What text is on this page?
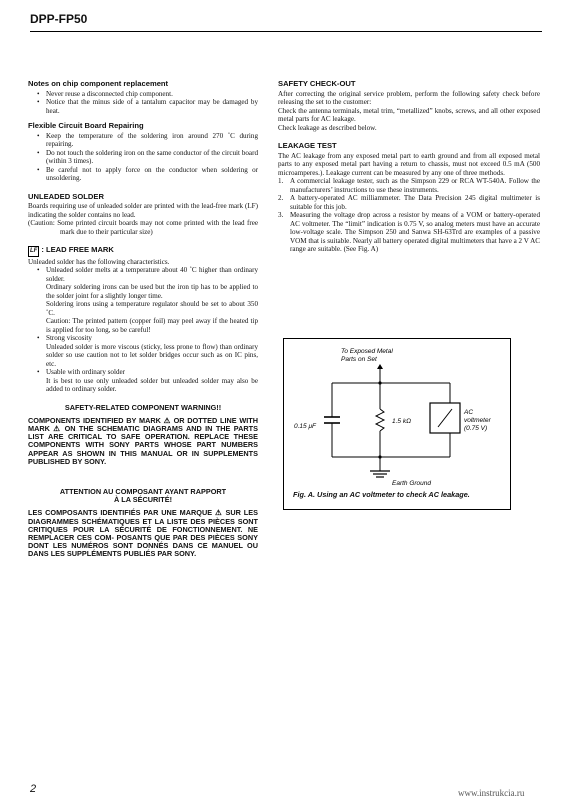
DPP-FP50
Notes on chip component replacement
• Never reuse a disconnected chip component.
• Notice that the minus side of a tantalum capacitor may be damaged by heat.
Flexible Circuit Board Repairing
• Keep the temperature of the soldering iron around 270 ˚C during repairing.
• Do not touch the soldering iron on the same conductor of the circuit board (within 3 times).
• Be careful not to apply force on the conductor when soldering or unsoldering.
UNLEADED SOLDER

Boards requiring use of unleaded solder are printed with the lead-free mark (LF) indicating the solder contains no lead.

(Caution: Some printed circuit boards may not come printed with the lead free mark due to their particular size)

LF : LEAD FREE MARK

Unleaded solder has the following characteristics.

• Unleaded solder melts at a temperature about 40 ˚C higher than ordinary solder.
Ordinary soldering irons can be used but the iron tip has to be applied to the solder joint for a slightly longer time.
Soldering irons using a temperature regulator should be set to about 350 ˚C.
Caution: The printed pattern (copper foil) may peel away if the heated tip is applied for too long, so be careful!
• Strong viscosity
Unleaded solder is more viscous (sticky, less prone to flow) than ordinary solder so use caution not to let solder bridges occur such as on IC pins, etc.
• Usable with ordinary solder
It is best to use only unleaded solder but unleaded solder may also be added to ordinary solder.
SAFETY-RELATED COMPONENT WARNING!!
COMPONENTS IDENTIFIED BY MARK ⚠ OR DOTTED LINE WITH MARK ⚠ ON THE SCHEMATIC DIAGRAMS AND IN THE PARTS LIST ARE CRITICAL TO SAFE OPERATION. REPLACE THESE COMPONENTS WITH SONY PARTS WHOSE PART NUMBERS APPEAR AS SHOWN IN THIS MANUAL OR IN SUPPLEMENTS PUBLISHED BY SONY.
ATTENTION AU COMPOSANT AYANT RAPPORT
À LA SÉCURITÉ!
LES COMPOSANTS IDENTIFIÉS PAR UNE MARQUE ⚠ SUR LES DIAGRAMMES SCHÉMATIQUES ET LA LISTE DES PIÈCES SONT CRITIQUES POUR LA SÉCURITÉ DE FONCTIONNEMENT. NE REMPLACER CES COM- POSANTS QUE PAR DES PIÈCES SONY DONT LES NUMÉROS SONT DONNÉS DANS CE MANUEL OU DANS LES SUPPLÉMENTS PUBLIÉS PAR SONY.
SAFETY CHECK-OUT

After correcting the original service problem, perform the following safety check before releasing the set to the customer:

Check the antenna terminals, metal trim, “metallized” knobs, screws, and all other exposed metal parts for AC leakage.

Check leakage as described below.

LEAKAGE TEST

The AC leakage from any exposed metal part to earth ground and from all exposed metal parts to any exposed metal part having a return to chassis, must not exceed 0.5 mA (500 microamperes.). Leakage current can be measured by any one of three methods.

1. A commercial leakage tester, such as the Simpson 229 or RCA WT-540A. Follow the manufacturers’ instructions to use these instruments.
2. A battery-operated AC milliammeter. The Data Precision 245 digital multimeter is suitable for this job.
3. Measuring the voltage drop across a resistor by means of a VOM or battery-operated AC voltmeter. The “limit” indication is 0.75 V, so analog meters must have an accurate low-voltage scale. The Simpson 250 and Sanwa SH-63Trd are examples of a passive VOM that is suitable. Nearly all battery operated digital multimeters that have a 2 V AC range are suitable. (See Fig. A)
To Exposed Metal
Parts on Set
0.15 μF
1.5 kΩ
AC
voltmeter
(0.75 V)
Earth Ground
Fig. A. Using an AC voltmeter to check AC leakage.
2	www.instrukcia.ru
